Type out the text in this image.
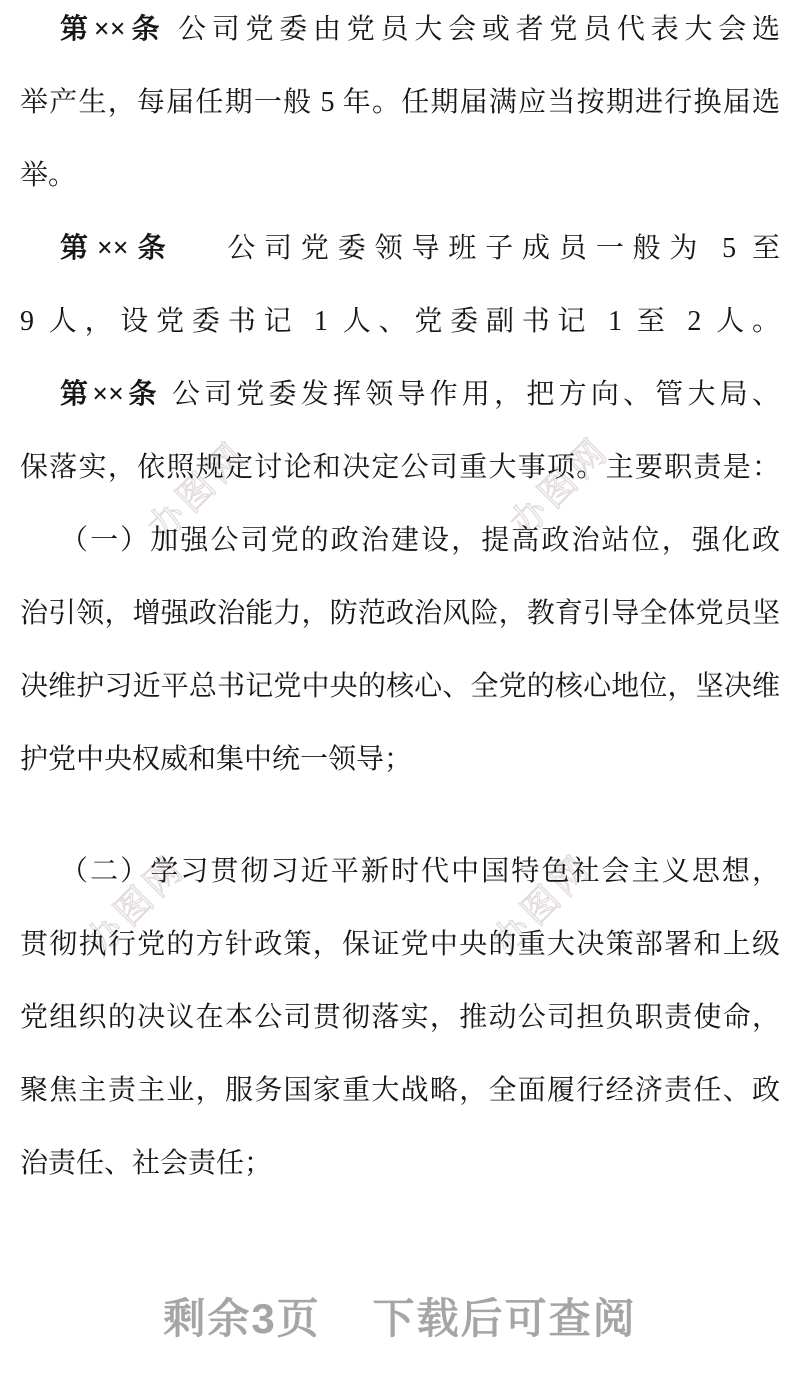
办图网	办图网
办图网	办图网
第××条 公司党委由党员大会或者党员代表大会选
举产生，每届任期一般 5 年。任期届满应当按期进行换届选
举。
第××条 　公司党委领导班子成员一般为 5 至
9 人，设党委书记 1 人、党委副书记 1 至 2 人。
第××条 公司党委发挥领导作用，把方向、管大局、
保落实，依照规定讨论和决定公司重大事项。主要职责是：
（一）加强公司党的政治建设，提高政治站位，强化政
治引领，增强政治能力，防范政治风险，教育引导全体党员坚
决维护习近平总书记党中央的核心、全党的核心地位，坚决维
护党中央权威和集中统一领导；
（二）学习贯彻习近平新时代中国特色社会主义思想，
贯彻执行党的方针政策，保证党中央的重大决策部署和上级
党组织的决议在本公司贯彻落实，推动公司担负职责使命，
聚焦主责主业，服务国家重大战略，全面履行经济责任、政
治责任、社会责任；
剩余3页 下载后可查阅
